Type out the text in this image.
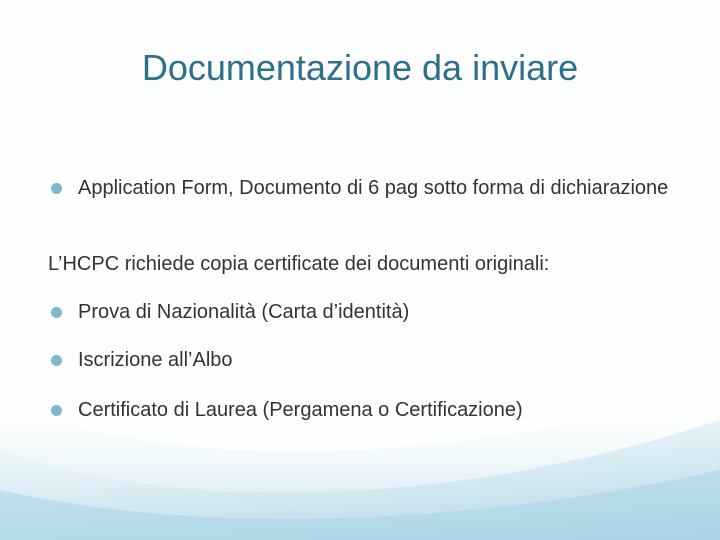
Documentazione da inviare
Application Form, Documento di 6 pag sotto forma di dichiarazione
L’HCPC richiede copia certificate dei documenti originali:
Prova di Nazionalità (Carta d’identità)
Iscrizione all’Albo
Certificato di Laurea (Pergamena o Certificazione)
